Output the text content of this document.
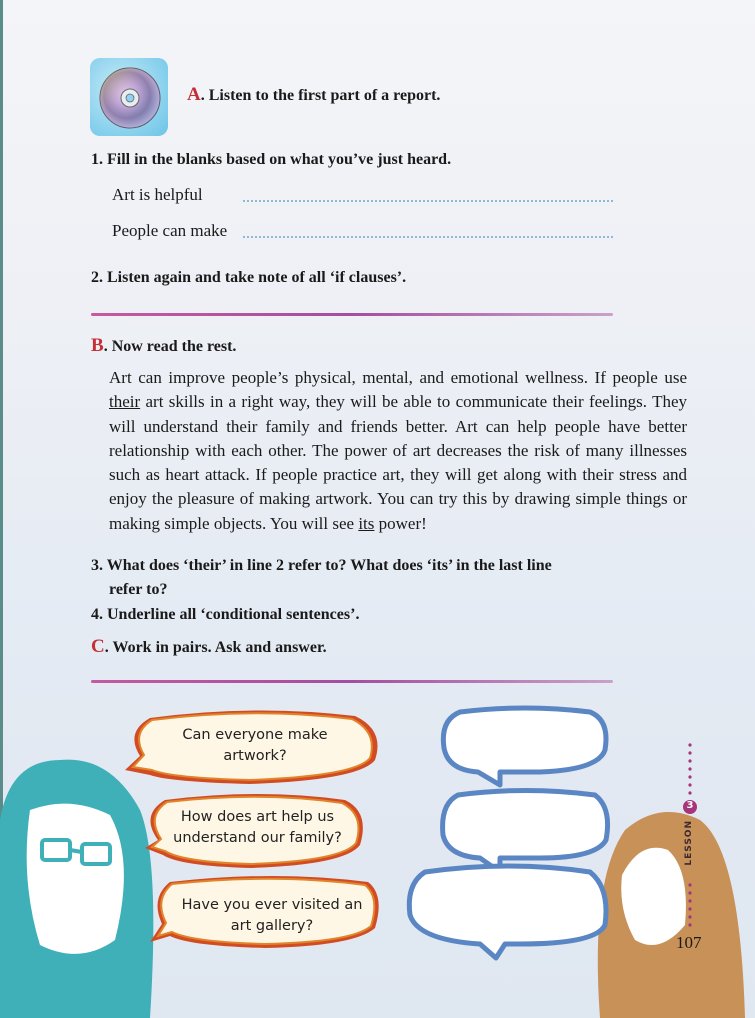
A. Listen to the first part of a report.
1. Fill in the blanks based on what you’ve just heard.
Art is helpful
People can make
2. Listen again and take note of all ‘if clauses’.
B. Now read the rest.
Art can improve people’s physical, mental, and emotional wellness. If people use their art skills in a right way, they will be able to communicate their feelings. They will understand their family and friends better. Art can help people have better relationship with each other. The power of art decreases the risk of many illnesses such as heart attack. If people practice art, they will get along with their stress and enjoy the pleasure of making artwork. You can try this by drawing simple things or making simple objects. You will see its power!
3. What does ‘their’ in line 2 refer to? What does ‘its’ in the last line
refer to?
4. Underline all ‘conditional sentences’.
C. Work in pairs. Ask and answer.
Can everyone make
artwork?
How does art help us
understand our family?
Have you ever visited an
art gallery?
3
LESSON
107
